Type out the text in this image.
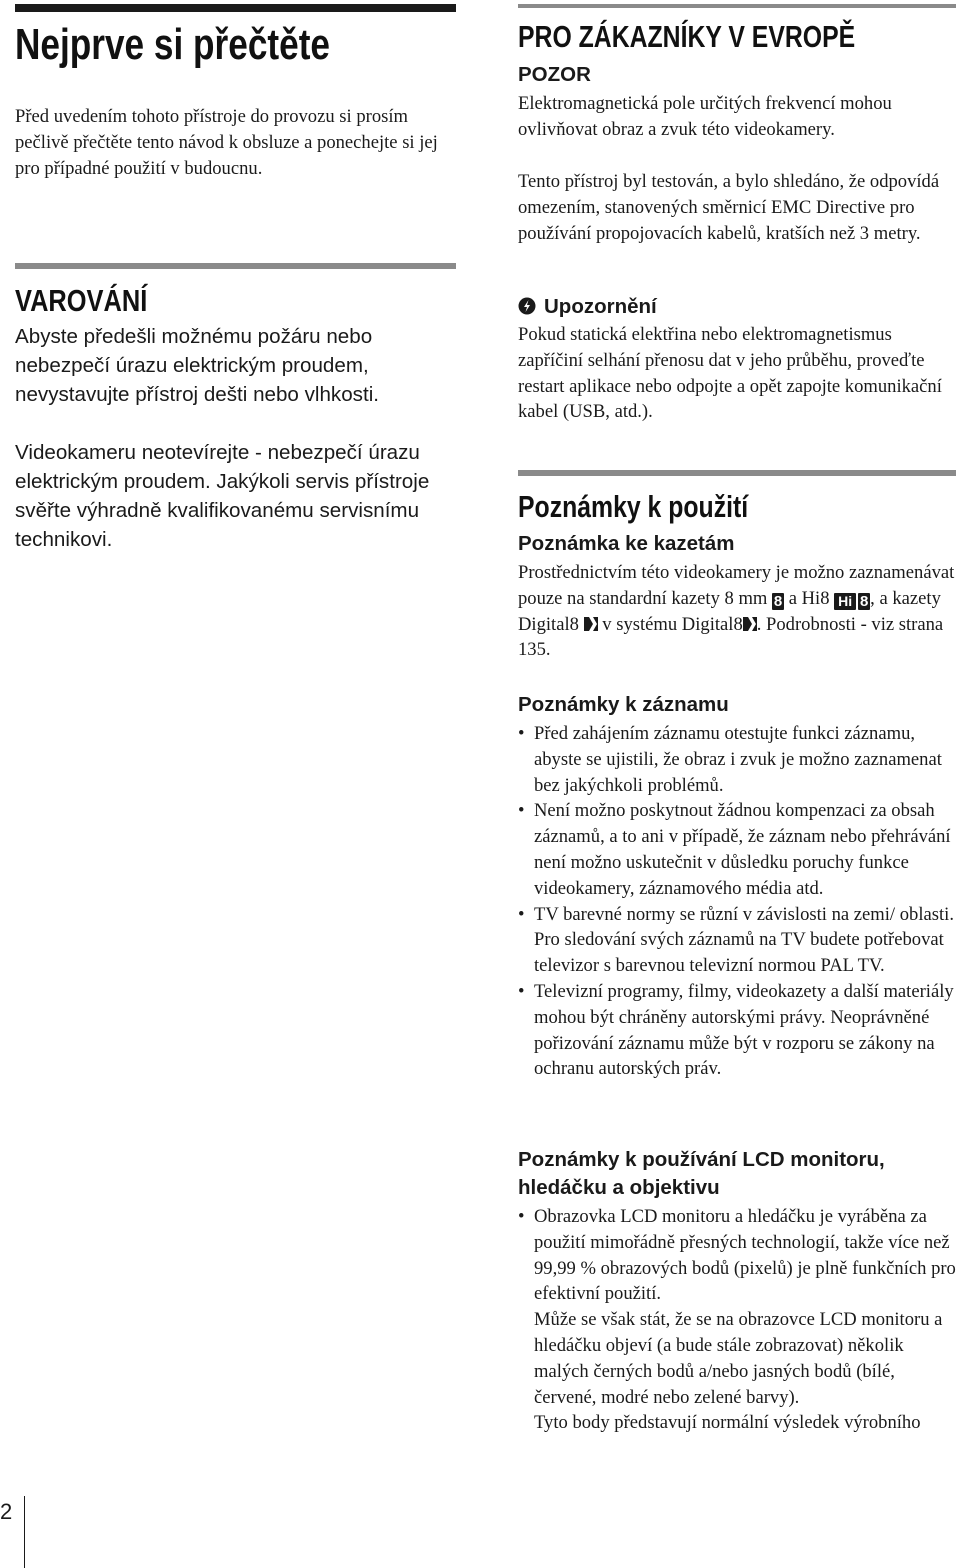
Nejprve si přečtěte

Před uvedením tohoto přístroje do provozu si prosím pečlivě přečtěte tento návod k obsluze a ponechejte si jej pro případné použití v budoucnu.

VAROVÁNÍ

Abyste předešli možnému požáru nebo nebezpečí úrazu elektrickým proudem, nevystavujte přístroj dešti nebo vlhkosti.

Videokameru neotevírejte - nebezpečí úrazu elektrickým proudem. Jakýkoli servis přístroje svěřte výhradně kvalifikovanému servisnímu technikovi.

PRO ZÁKAZNÍKY V EVROPĚ
POZOR

Elektromagnetická pole určitých frekvencí mohou ovlivňovat obraz a zvuk této videokamery.

Tento přístroj byl testován, a bylo shledáno, že odpovídá omezením, stanovených směrnicí EMC Directive pro používání propojovacích kabelů, kratších než 3 metry.

Upozornění

Pokud statická elektřina nebo elektromagnetismus zapříčiní selhání přenosu dat v jeho průběhu, proveďte restart aplikace nebo odpojte a opět zapojte komunikační kabel (USB, atd.).

Poznámky k použití
Poznámka ke kazetám

Prostřednictvím této videokamery je možno zaznamenávat pouze na standardní kazety 8 mm 8 a Hi8 Hi 8, a kazety Digital8 v systému Digital8 . Podrobnosti - viz strana 135.

Poznámky k záznamu
• Před zahájením záznamu otestujte funkci záznamu, abyste se ujistili, že obraz i zvuk je možno zaznamenat bez jakýchkoli problémů.
• Není možno poskytnout žádnou kompenzaci za obsah záznamů, a to ani v případě, že záznam nebo přehrávání není možno uskutečnit v důsledku poruchy funkce videokamery, záznamového média atd.
• TV barevné normy se různí v závislosti na zemi/ oblasti. Pro sledování svých záznamů na TV budete potřebovat televizor s barevnou televizní normou PAL TV.
• Televizní programy, filmy, videokazety a další materiály mohou být chráněny autorskými právy. Neoprávněné pořizování záznamu může být v rozporu se zákony na ochranu autorských práv.
Poznámky k používání LCD monitoru, hledáčku a objektivu
• Obrazovka LCD monitoru a hledáčku je vyráběna za použití mimořádně přesných technologií, takže více než 99,99 % obrazových bodů (pixelů) je plně funkčních pro efektivní použití.
Může se však stát, že se na obrazovce LCD monitoru a hledáčku objeví (a bude stále zobrazovat) několik malých černých bodů a/nebo jasných bodů (bílé, červené, modré nebo zelené barvy).
Tyto body představují normální výsledek výrobního
2
